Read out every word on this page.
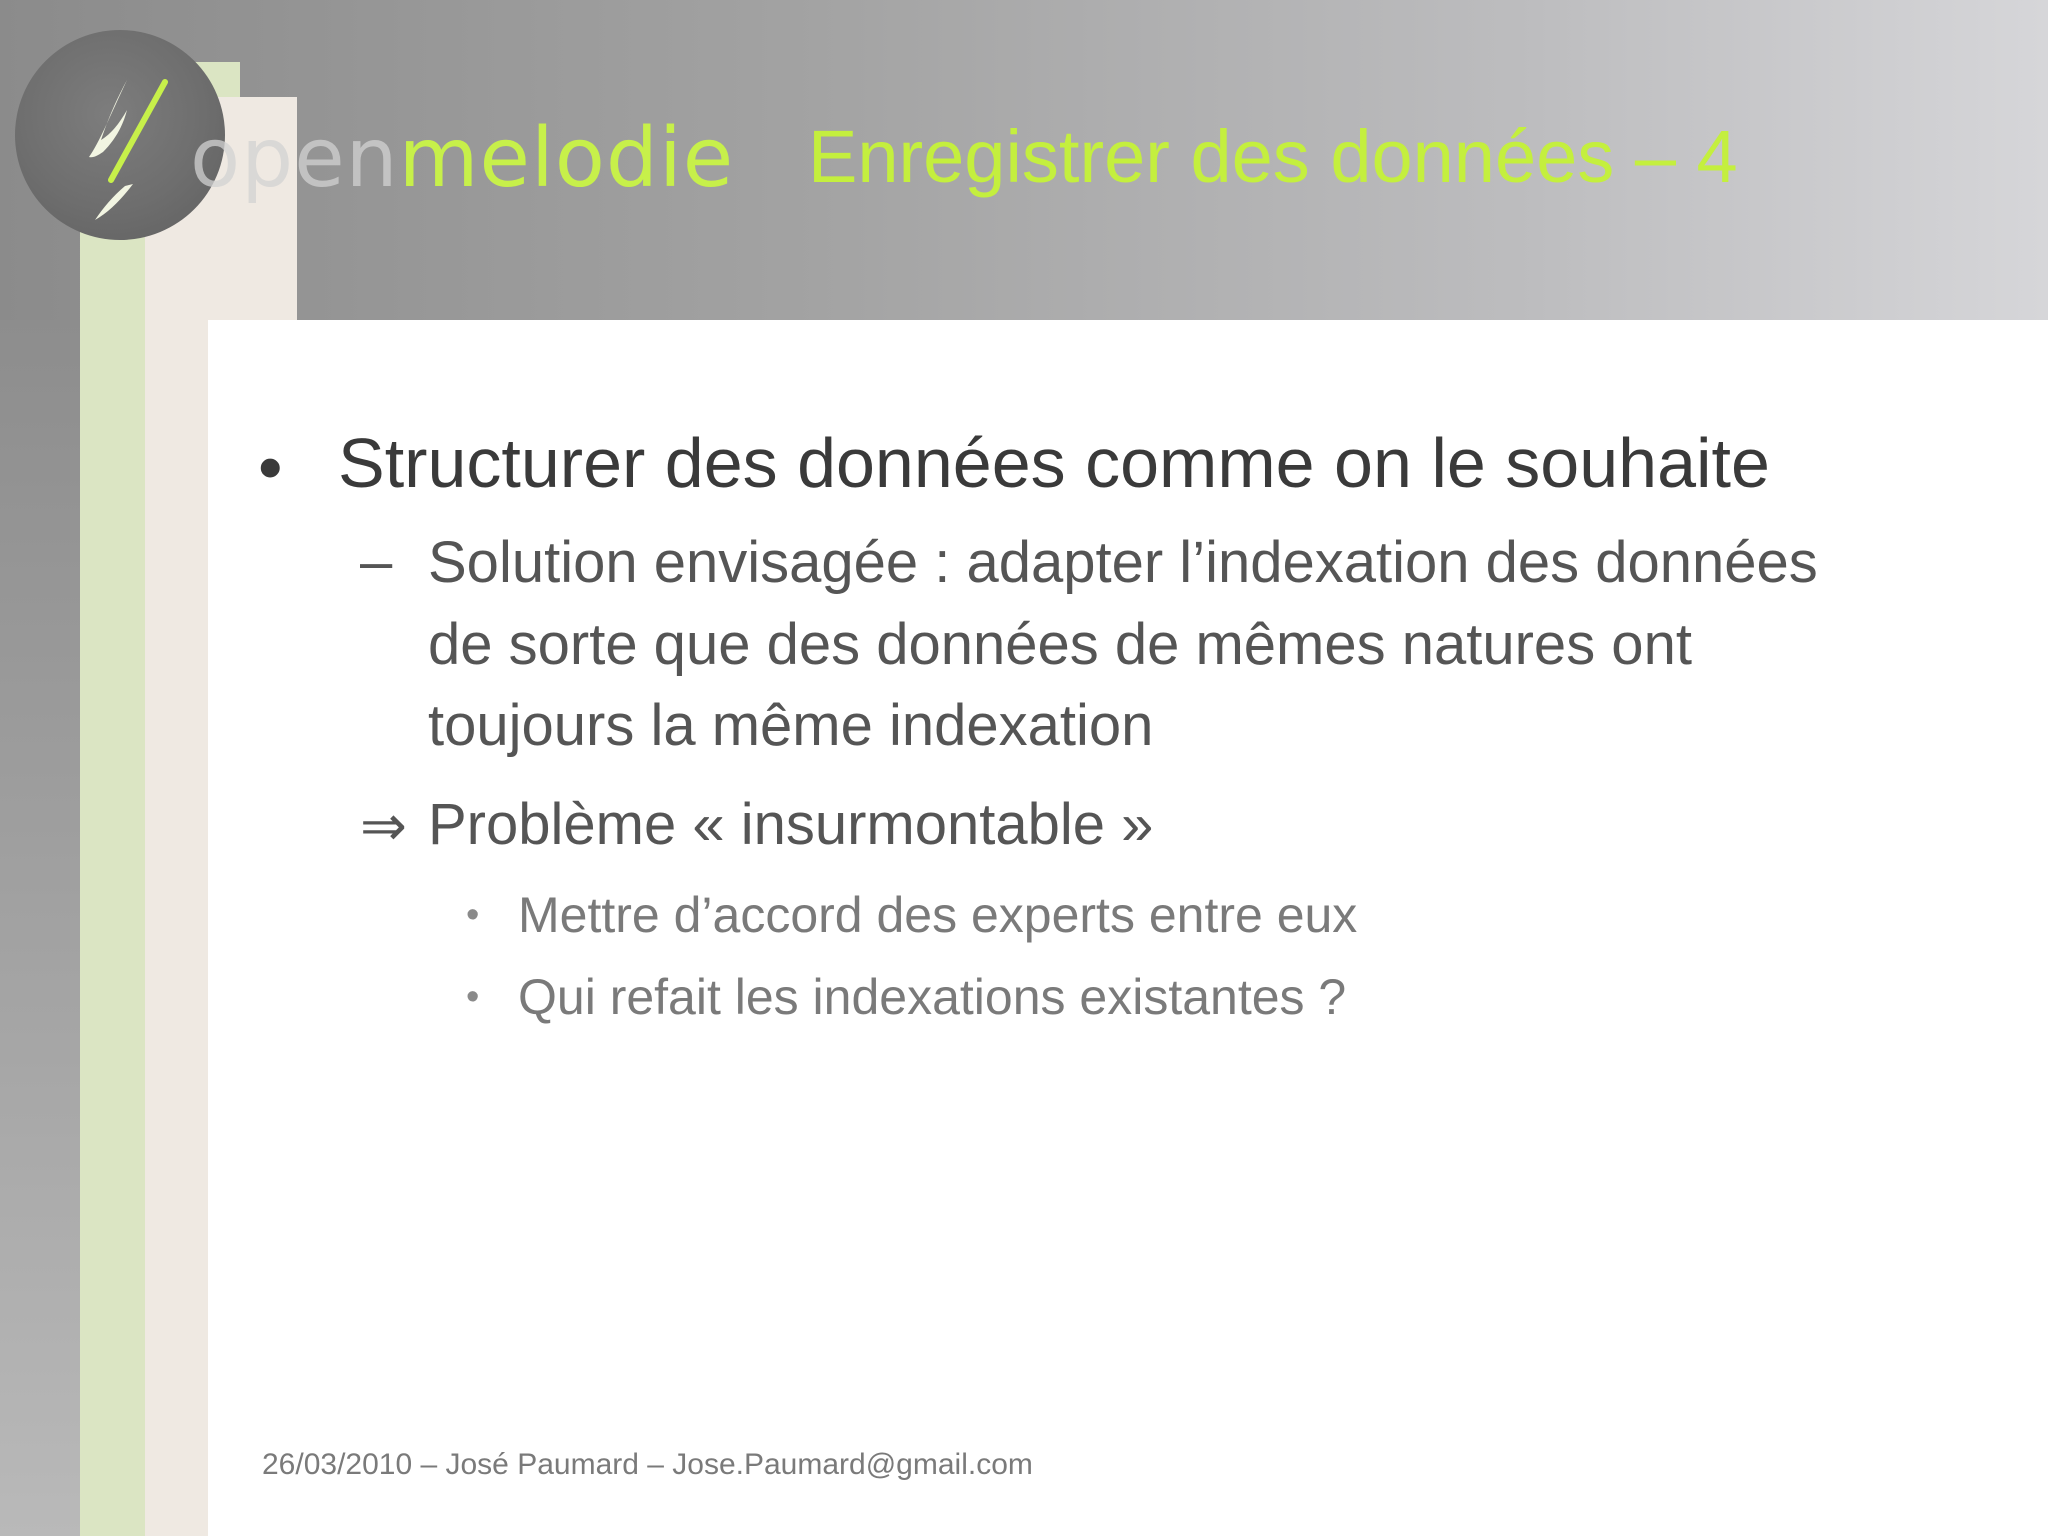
openmelodie Enregistrer des données – 4
• Structurer des données comme on le souhaite
– Solution envisagée : adapter l’indexation des données
de sorte que des données de mêmes natures ont
toujours la même indexation
⇒ Problème « insurmontable »
• Mettre d’accord des experts entre eux
• Qui refait les indexations existantes ?
26/03/2010 – José Paumard – Jose.Paumard@gmail.com
